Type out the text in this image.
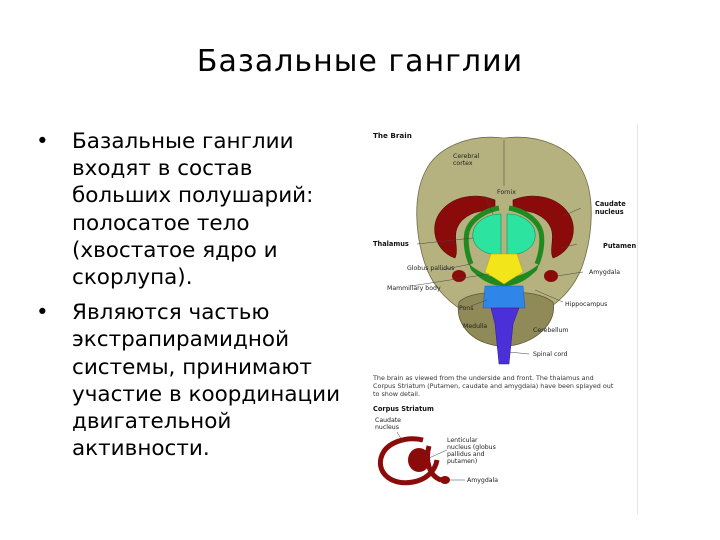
Базальные ганглии
• Базальные ганглии входят в состав больших полушарий: полосатое тело (хвостатое ядро и скорлупа).
• Являются частью экстрапирамидной системы, принимают участие в координации двигательной активности.
The Brain
Cerebral
cortex
Fornix
Caudate
nucleus
Thalamus	Putamen
Globus pallidus
Amygdala
Mammillary body
Pons
Hippocampus
Medulla
Cerebellum
Spinal cord
The brain as viewed from the underside and front. The thalamus and
Corpus Striatum (Putamen, caudate and amygdala) have been splayed out
to show detail.
Corpus Striatum
Caudate
nucleus
Lenticular
nucleus (globus
pallidus and
putamen)
Amygdala
